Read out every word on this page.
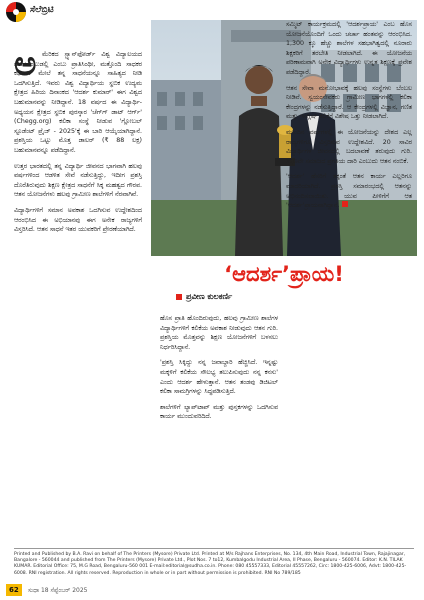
ಸೆಲೆಬ್ರಿಟಿ
‘ಆದರ್ಶ’ಪ್ರಾಯ!
ಪ್ರವೀಣ ಕುಲಕರ್ಣಿ
ಅ ಮೆರಿಕದ ಸ್ಟ್ಯಾನ್‌ಫೋರ್ಡ್ ವಿಶ್ವ ವಿದ್ಯಾಲಯದ ಹೊರಬೆಂಬುಡಲ್ಲಿ ಎಂಬು ಪ್ರಾತಿಸಿಂಥೀ, ಮತ್ತೊಂದಿ ಸಾಧಕರ ಕಥನಗಳ ಮೇಲೆ ತನ್ನ ಸಾಧನೆಯನ್ನೂ ಸಾಹಿತ್ಯದ ನೀಡಿ ಒದಗಿಸುತ್ತಿದೆ. ಇವರು ವಿಶ್ವ ವಿದ್ಯಾರ್ಥಿಯ ಸ್ಥಬಿಕ ಉದ್ಯಮ ಕ್ಷೇತ್ರದ ಹಿರಿಯ ದಿನಾಂಕದ 'ಆದರ್ಶ ಕುಮಾರ್' ಈಗ ವಿಶ್ವದ ಬಹುಮಾನವನ್ನು ನೀಡಿದ್ದಾನೆ. 18 ವರ್ಷದ ಈ ವಿದ್ಯಾರ್ಥಿ-ಅಧ್ಯಯನ ಕ್ಷೇತ್ರದ ಸ್ಥಬಿಕ ಪುರಸ್ಕಾರ 'ಚೆಗ್‌ಗ್ ಡಾಟ್ ಆರ್ಗ್' (Chegg.org) ಕಲಿಕಾ ಸಂಸ್ಥೆ ನೀಡುವ 'ಗ್ಲೋಬಲ್ ಸ್ಟೂಡೆಂಟ್ ಪ್ರೈಜ್ - 2025'ಕ್ಕೆ ಈ ಬಾರಿ ಆಯ್ಕೆಯಾಗಿದ್ದಾನೆ. ಪ್ರಶಸ್ತಿಯ ಒಟ್ಟು ಮೊತ್ತ ಡಾಲರ್‌ (₹ 88 ಲಕ್ಷ) ಬಹುಮಾನವನ್ನೂ ಪಡೆದಿದ್ದಾನೆ.

ಉತ್ತರ ಭಾರತದಲ್ಲಿ ತನ್ನ ವಿದ್ಯಾರ್ಥಿ ಜೀವನದ ಭಾಗವಾಗಿ ಹಲವು ವರ್ಷಗಳಿಂದ ಆಡಳಿತ ಸೇವೆ ನಡೆಸುತ್ತಿದ್ದು, ಇದೀಗ ಪ್ರಶಸ್ತಿ ದೊರೆತಿರುವುದು ಶಿಕ್ಷಣ ಕ್ಷೇತ್ರದ ಸಾಧನೆಗೆ ಸಿಕ್ಕ ಮಹತ್ವದ ಗೌರವ. ಆತನ ಯೋಜನೆಗಳು ಹಲವು ಗ್ರಾಮೀಣ ಶಾಲೆಗಳಿಗೆ ನೆರವಾಗಿವೆ.

ವಿದ್ಯಾರ್ಥಿಗಳಿಗೆ ಸಮಾನ ಅವಕಾಶ ಒದಗಿಸುವ ಉದ್ದೇಶದಿಂದ ಆರಂಭಿಸಿದ ಈ ಅಭಿಯಾನವು ಈಗ ಅನೇಕ ರಾಜ್ಯಗಳಿಗೆ ವಿಸ್ತರಿಸಿದೆ. ಆತನ ಸಾಧನೆ ಇತರ ಯುವಕರಿಗೆ ಪ್ರೇರಣೆಯಾಗಿದೆ.

ಹೊಸ ಪ್ರಾತಿ ಹೊಂದಿರುವುದು, ಹಲವು ಗ್ರಾಮೀಣ ಶಾಲೆಗಳ ವಿದ್ಯಾರ್ಥಿಗಳಿಗೆ ಕಲಿಕೆಯ ಅವಕಾಶ ನೀಡುವುದು ಆತನ ಗುರಿ. ಪ್ರಶಸ್ತಿಯ ಮೊತ್ತವನ್ನು ಶಿಕ್ಷಣ ಯೋಜನೆಗಳಿಗೆ ಬಳಸಲು ನಿರ್ಧರಿಸಿದ್ದಾನೆ.

'ಪ್ರಶಸ್ತಿ ಸಿಕ್ಕಿದ್ದು ನನ್ನ ಜವಾಬ್ದಾರಿ ಹೆಚ್ಚಿಸಿದೆ. ಇನ್ನಷ್ಟು ಮಕ್ಕಳಿಗೆ ಕಲಿಕೆಯ ಸೌಲಭ್ಯ ತಲುಪಿಸುವುದು ನನ್ನ ಕನಸು' ಎಂದು ಆದರ್ಶ ಹೇಳುತ್ತಾನೆ. ಆತನ ತಂಡವು ಡಿಜಿಟಲ್ ಕಲಿಕಾ ಸಾಮಗ್ರಿಗಳನ್ನು ಸಿದ್ಧಪಡಿಸುತ್ತಿದೆ.

ಶಾಲೆಗಳಿಗೆ ಲ್ಯಾಪ್‌ಟಾಪ್ ಮತ್ತು ಪುಸ್ತಕಗಳನ್ನು ಒದಗಿಸುವ ಕಾರ್ಯ ಮುಂದುವರಿದಿದೆ.

ಸಮ್ಮಿಟ್ ಕಾರ್ಯಕ್ರಮದಲ್ಲಿ 'ಆದರ್ಶಪ್ರಾಯ' ಎಂಬ ಹೊಸ ಯೋಜನೆಯೊಂದಿಗೆ ಒಂದು ಚರ್ಚಾ ಹಂತವನ್ನು ಆರಂಭಿಸಿದ. 1,300 ಕ್ಕೂ ಹೆಚ್ಚು ಶಾಲೆಗಳ ಸಹಭಾಗಿತ್ವದಲ್ಲಿ ನೂರಾರು ಶಿಕ್ಷಕರಿಗೆ ತರಬೇತಿ ನೀಡಲಾಗಿದೆ. ಈ ಯೋಜನೆಯ ಪರಿಣಾಮವಾಗಿ ಅನೇಕ ವಿದ್ಯಾರ್ಥಿಗಳು ಉನ್ನತ ಶಿಕ್ಷಣಕ್ಕೆ ಪ್ರವೇಶ ಪಡೆದಿದ್ದಾರೆ.

ಆತನ ಸೇವಾ ಮನೋಭಾವಕ್ಕೆ ಹಲವು ಸಂಸ್ಥೆಗಳು ಬೆಂಬಲ ನೀಡಿವೆ. ಸ್ವಯಂಸೇವಕರು ಗ್ರಾಮೀಣ ಭಾಗಗಳಲ್ಲಿ ಕಲಿಕಾ ಕೇಂದ್ರಗಳನ್ನು ನಡೆಸುತ್ತಿದ್ದಾರೆ. ಆ ಕೇಂದ್ರಗಳಲ್ಲಿ ವಿಜ್ಞಾನ, ಗಣಿತ ಮತ್ತು ಇಂಗ್ಲಿಷ್ ಕಲಿಕೆಗೆ ವಿಶೇಷ ಒತ್ತು ನೀಡಲಾಗಿದೆ.

ಮುಂದಿನ ವರ್ಷಗಳಲ್ಲಿ ಈ ಯೋಜನೆಯನ್ನು ದೇಶದ ಎಲ್ಲ ರಾಜ್ಯಗಳಿಗೂ ವಿಸ್ತರಿಸುವ ಉದ್ದೇಶವಿದೆ. 20 ಸಾವಿರ ವಿದ್ಯಾರ್ಥಿಗಳ ಜೀವನದಲ್ಲಿ ಬದಲಾವಣೆ ತರುವುದು ಗುರಿ. ಶಿಕ್ಷಣವೇ ಸಮಾಜದ ಪ್ರಗತಿಯ ದಾರಿ ಎಂಬುದು ಆತನ ನಂಬಿಕೆ.

'ಆದರ್ಶ' ಹೆಸರಿಗೆ ತಕ್ಕಂತೆ ಆತನ ಕಾರ್ಯ ಎಲ್ಲರಿಗೂ ಮಾದರಿಯಾಗಿದೆ. ಪ್ರಶಸ್ತಿ ಸಮಾರಂಭದಲ್ಲಿ ಆತನನ್ನು ಅಭಿನಂದಿಸಲಾಯಿತು. ಯುವ ಪೀಳಿಗೆಗೆ ಆತ 'ಆದರ್ಶ'ಪ್ರಾಯನಾಗಿದ್ದಾನೆ.

Printed and Published by B.A. Ravi on behalf of The Printers (Mysore) Private Ltd. Printed at M/s Rajhans Enterprises, No. 134, 4th Main Road, Industrial Town, Rajajinagar, Bangalore - 560044 and published from The Printers (Mysore) Private Ltd., Plot Nos. 7 to12, Kumbalgodu Industrial Area, II Phase, Bengaluru - 560074. Editor: K.N. TILAK KUMAR. Editorial Office: 75, M.G Road, Bengaluru-560 001 E-mail:editorial@sudha.co.in. Phone: 080 45557333, Editorial 45557262, Circ: 1800-425-6006, Advt: 1800-425-6008. RNI registration. All rights reserved. Reproduction in whole or in part without permission is prohibited. RNI No 789/185
62 ಸುಧಾ 18 ಸೆಪ್ಟೆಂಬರ್ 2025
